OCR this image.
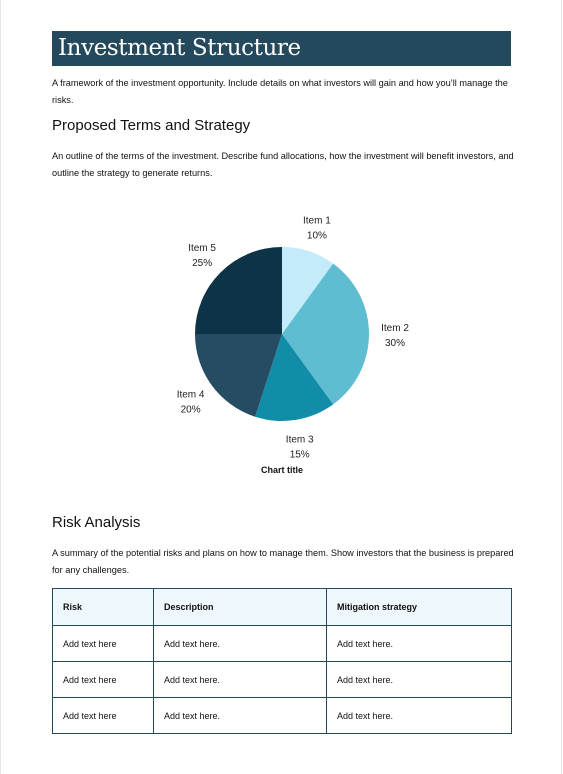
Investment Structure

A framework of the investment opportunity. Include details on what investors will gain and how you’ll manage the risks.

Proposed Terms and Strategy

An outline of the terms of the investment. Describe fund allocations, how the investment will benefit investors, and outline the strategy to generate returns.

Item 1
10%
Item 2
30%
Item 3
15%
Item 4
20%
Item 5
25%
Chart title
Risk Analysis

A summary of the potential risks and plans on how to manage them. Show investors that the business is prepared for any challenges.

Risk	Description	Mitigation strategy
Add text here	Add text here.	Add text here.
Add text here	Add text here.	Add text here.
Add text here	Add text here.	Add text here.
